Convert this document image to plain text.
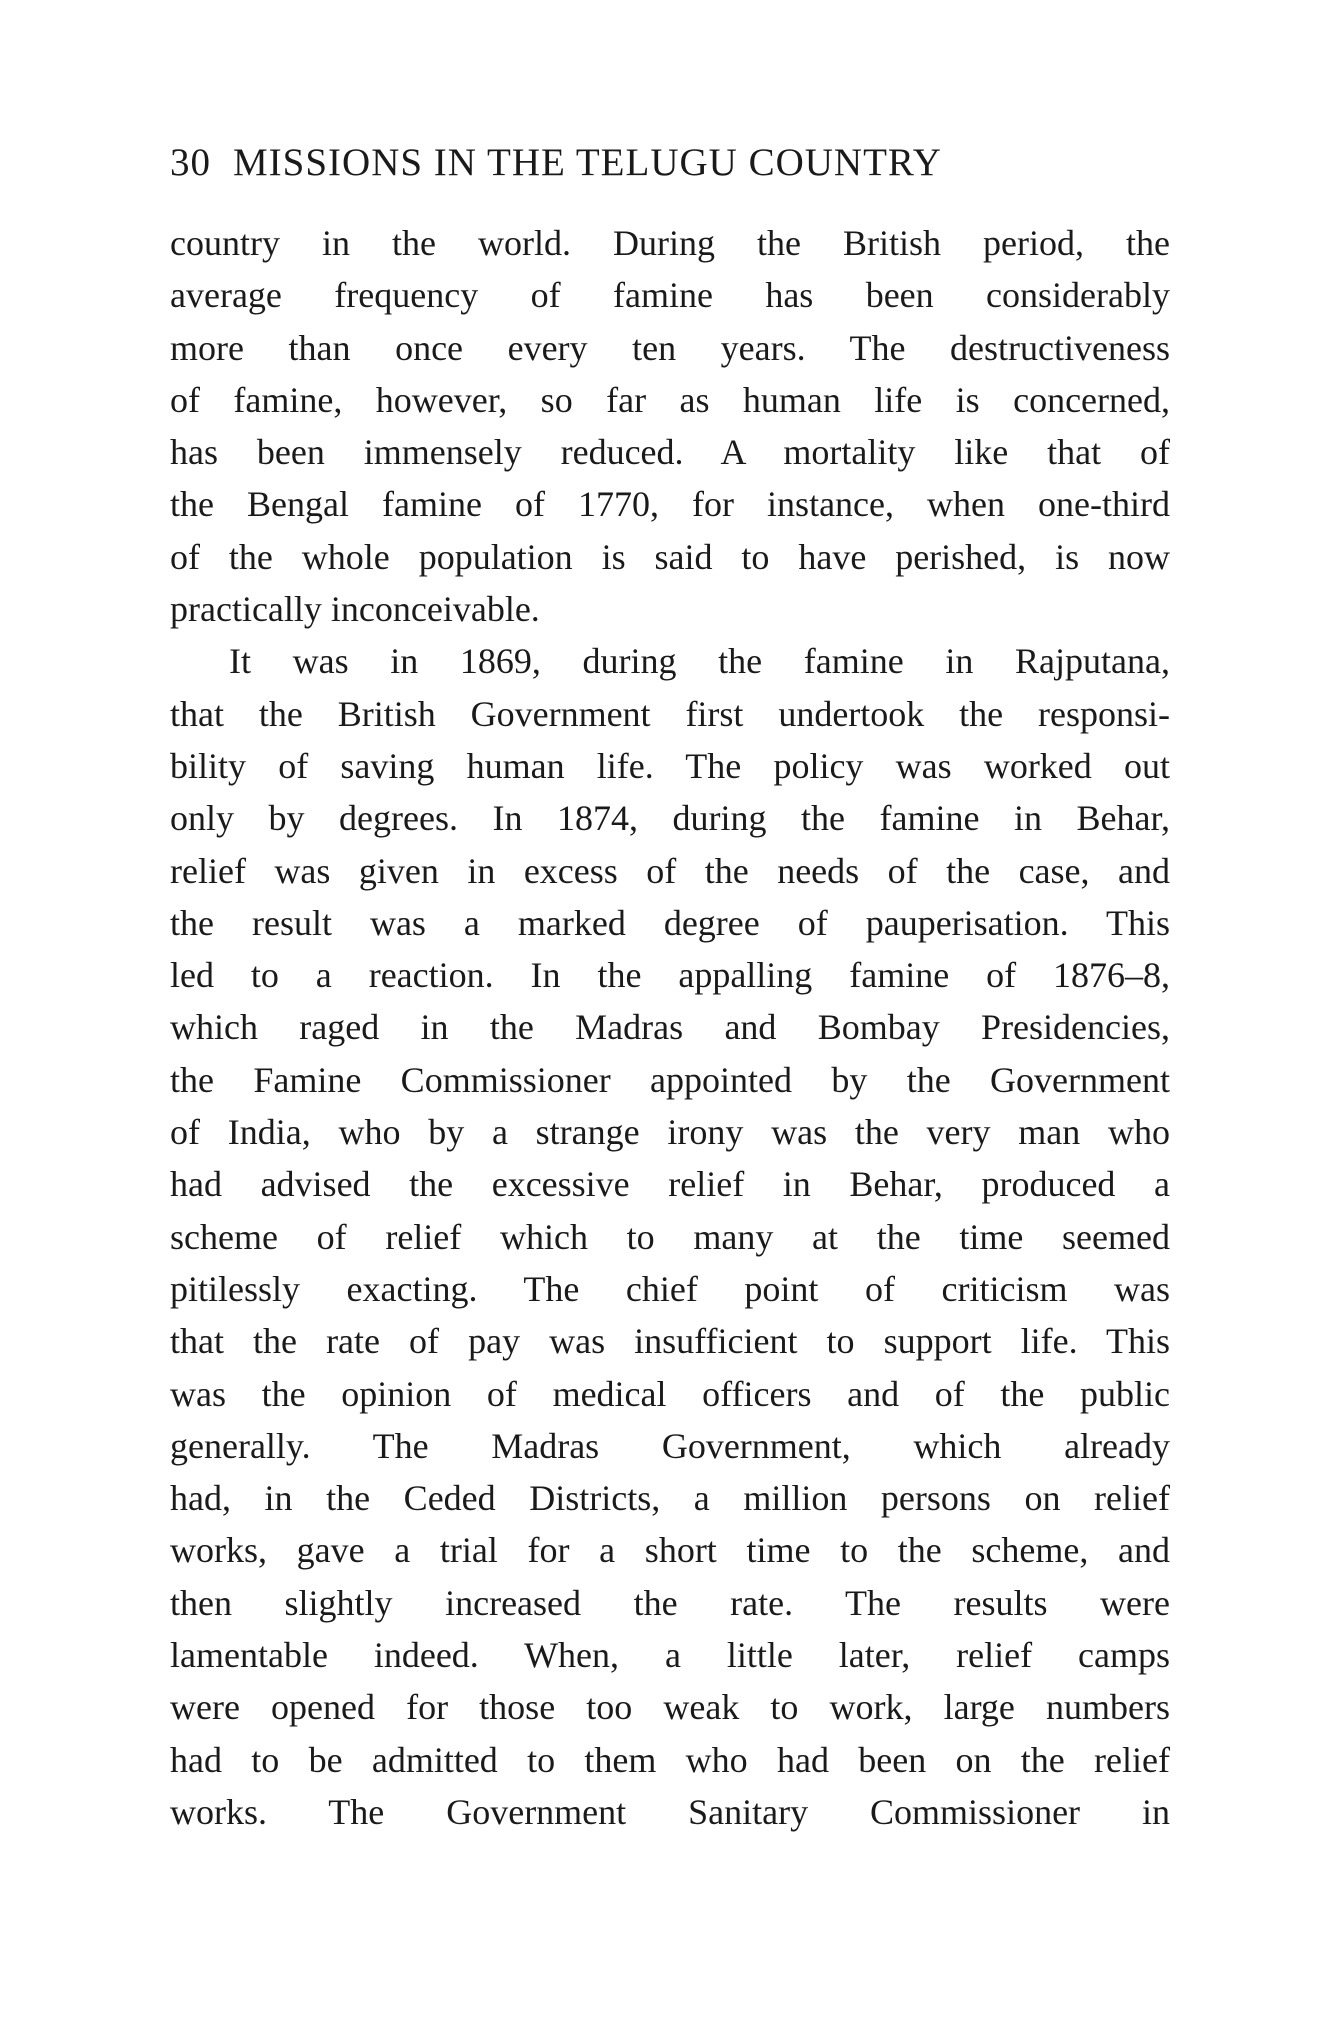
30 MISSIONS IN THE TELUGU COUNTRY
country in the world. During the British period, the
average frequency of famine has been considerably
more than once every ten years. The destructiveness
of famine, however, so far as human life is concerned,
has been immensely reduced. A mortality like that of
the Bengal famine of 1770, for instance, when one-third
of the whole population is said to have perished, is now
practically inconceivable.
It was in 1869, during the famine in Rajputana,
that the British Government first undertook the responsi-
bility of saving human life. The policy was worked out
only by degrees. In 1874, during the famine in Behar,
relief was given in excess of the needs of the case, and
the result was a marked degree of pauperisation. This
led to a reaction. In the appalling famine of 1876–8,
which raged in the Madras and Bombay Presidencies,
the Famine Commissioner appointed by the Government
of India, who by a strange irony was the very man who
had advised the excessive relief in Behar, produced a
scheme of relief which to many at the time seemed
pitilessly exacting. The chief point of criticism was
that the rate of pay was insufficient to support life. This
was the opinion of medical officers and of the public
generally. The Madras Government, which already
had, in the Ceded Districts, a million persons on relief
works, gave a trial for a short time to the scheme, and
then slightly increased the rate. The results were
lamentable indeed. When, a little later, relief camps
were opened for those too weak to work, large numbers
had to be admitted to them who had been on the relief
works. The Government Sanitary Commissioner in
